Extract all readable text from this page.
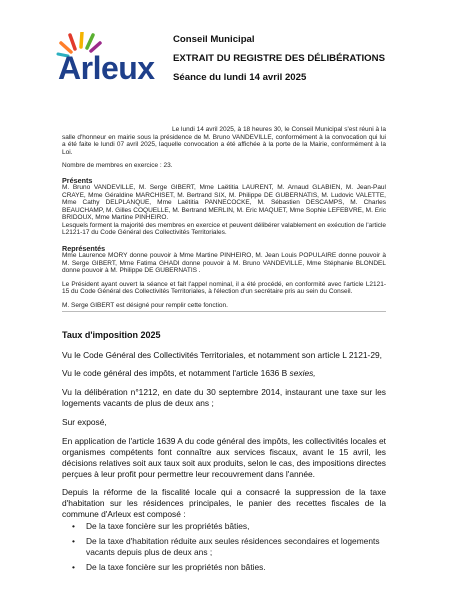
Arleux
Conseil Municipal
EXTRAIT DU REGISTRE DES DÉLIBÉRATIONS
Séance du lundi 14 avril 2025

Le lundi 14 avril 2025, à 18 heures 30, le Conseil Municipal s'est réuni à la salle d'honneur en mairie sous la présidence de M. Bruno VANDEVILLE, conformément à la convocation qui lui a été faite le lundi 07 avril 2025, laquelle convocation a été affichée à la porte de la Mairie, conformément à la Loi.

Nombre de membres en exercice : 23.

Présents

M. Bruno VANDEVILLE, M. Serge GIBERT, Mme Laëtitia LAURENT, M. Arnaud GLABIEN, M. Jean-Paul CRAYE, Mme Géraldine MARCHISET, M. Bertrand SIX, M. Philippe DE GUBERNATIS, M. Ludovic VALETTE, Mme Cathy DELPLANQUE, Mme Laëtitia PANNECOCKE, M. Sébastien DESCAMPS, M. Charles BEAUCHAMP, M. Gilles COQUELLE, M. Bertrand MERLIN, M. Eric MAQUET, Mme Sophie LEFEBVRE, M. Eric BRIDOUX, Mme Martine PINHEIRO.

Lesquels forment la majorité des membres en exercice et peuvent délibérer valablement en exécution de l'article L2121-17 du Code Général des Collectivités Territoriales.

Représentés

Mme Laurence MORY donne pouvoir à Mme Martine PINHEIRO, M. Jean Louis POPULAIRE donne pouvoir à M. Serge GIBERT, Mme Fatima GHADI donne pouvoir à M. Bruno VANDEVILLE, Mme Stéphanie BLONDEL donne pouvoir à M. Philippe DE GUBERNATIS .

Le Président ayant ouvert la séance et fait l'appel nominal, il a été procédé, en conformité avec l'article L2121-15 du Code Général des Collectivités Territoriales, à l'élection d'un secrétaire pris au sein du Conseil.

M. Serge GIBERT est désigné pour remplir cette fonction.

Taux d'imposition 2025

Vu le Code Général des Collectivités Territoriales, et notamment son article L 2121-29,

Vu le code général des impôts, et notamment l'article 1636 B sexies,

Vu la délibération n°1212, en date du 30 septembre 2014, instaurant une taxe sur les logements vacants de plus de deux ans ;

Sur exposé,

En application de l'article 1639 A du code général des impôts, les collectivités locales et organismes compétents font connaître aux services fiscaux, avant le 15 avril, les décisions relatives soit aux taux soit aux produits, selon le cas, des impositions directes perçues à leur profit pour permettre leur recouvrement dans l'année.

Depuis la réforme de la fiscalité locale qui a consacré la suppression de la taxe d'habitation sur les résidences principales, le panier des recettes fiscales de la commune d'Arleux est composé :

• De la taxe foncière sur les propriétés bâties,
• De la taxe d'habitation réduite aux seules résidences secondaires et logements vacants depuis plus de deux ans ;
• De la taxe foncière sur les propriétés non bâties.
